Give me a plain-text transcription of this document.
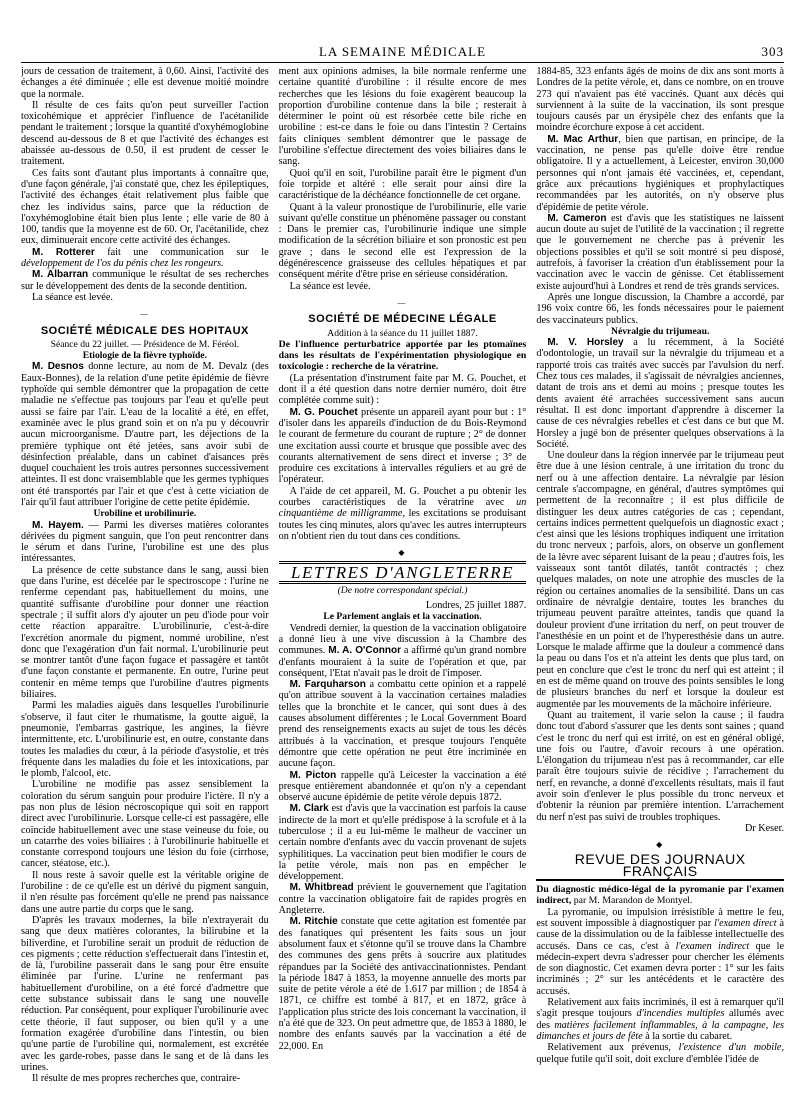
LA SEMAINE MÉDICALE	303

jours de cessation de traitement, à 0,60. Ainsi, l'activité des échanges a été diminuée ; elle est devenue moitié moindre que la normale.

Il résulte de ces faits qu'on peut surveiller l'action toxicohémique et apprécier l'influence de l'acétanilide pendant le traitement ; lorsque la quantité d'oxyhémoglobine descend au-dessous de 8 et que l'activité des échanges est abaissée au-dessous de 0.50, il est prudent de cesser le traitement.

Ces faits sont d'autant plus importants à connaître que, d'une façon générale, j'ai constaté que, chez les épileptiques, l'activité des échanges était relativement plus faible que chez les individus sains, parce que la réduction de l'oxyhémoglobine était bien plus lente ; elle varie de 80 à 100, tandis que la moyenne est de 60. Or, l'acétanilide, chez eux, diminuerait encore cette activité des échanges.

M. Rotterer fait une communication sur le développement de l'os du pénis chez les rongeurs.

M. Albarran communique le résultat de ses recherches sur le développement des dents de la seconde dentition.

La séance est levée.

—
SOCIÉTÉ MÉDICALE DES HOPITAUX

Séance du 22 juillet. — Présidence de M. Féréol.

Etiologie de la fièvre typhoïde.

M. Desnos donne lecture, au nom de M. Devalz (des Eaux-Bonnes), de la relation d'une petite épidémie de fièvre typhoïde qui semble démontrer que la propagation de cette maladie ne s'effectue pas toujours par l'eau et qu'elle peut aussi se faire par l'air. L'eau de la localité a été, en effet, examinée avec le plus grand soin et on n'a pu y découvrir aucun microorganisme. D'autre part, les déjections de la première typhique ont été jetées, sans avoir subi de désinfection préalable, dans un cabinet d'aisances près duquel couchaient les trois autres personnes successivement atteintes. Il est donc vraisemblable que les germes typhiques ont été transportés par l'air et que c'est à cette viciation de l'air qu'il faut attribuer l'origine de cette petite épidémie.

Urobiline et urobilinurie.

M. Hayem. — Parmi les diverses matières colorantes dérivées du pigment sanguin, que l'on peut rencontrer dans le sérum et dans l'urine, l'urobiline est une des plus intéressantes.

La présence de cette substance dans le sang, aussi bien que dans l'urine, est décelée par le spectroscope : l'urine ne renferme cependant pas, habituellement du moins, une quantité suffisante d'urobiline pour donner une réaction spectrale ; il suffit alors d'y ajouter un peu d'iode pour voir cette réaction apparaître. L'urobilinurie, c'est-à-dire l'excrétion anormale du pigment, nommé urobiline, n'est donc que l'exagération d'un fait normal. L'urobilinurie peut se montrer tantôt d'une façon fugace et passagère et tantôt d'une façon constante et permanente. En outre, l'urine peut contenir en même temps que l'urobiline d'autres pigments biliaires.

Parmi les maladies aiguës dans lesquelles l'urobilinurie s'observe, il faut citer le rhumatisme, la goutte aiguë, la pneumonie, l'embarras gastrique, les angines, la fièvre intermittente, etc. L'urobilinurie est, en outre, constante dans toutes les maladies du cœur, à la période d'asystolie, et très fréquente dans les maladies du foie et les intoxications, par le plomb, l'alcool, etc.

L'urobiline ne modifie pas assez sensiblement la coloration du sérum sanguin pour produire l'ictère. Il n'y a pas non plus de lésion nécroscopique qui soit en rapport direct avec l'urobilinurie. Lorsque celle-ci est passagère, elle coïncide habituellement avec une stase veineuse du foie, ou un catarrhe des voies biliaires : à l'urobilinurie habituelle et constante correspond toujours une lésion du foie (cirrhose, cancer, stéatose, etc.).

Il nous reste à savoir quelle est la véritable origine de l'urobiline : de ce qu'elle est un dérivé du pigment sanguin, il n'en résulte pas forcément qu'elle ne prend pas naissance dans une autre partie du corps que le sang.

D'après les travaux modernes, la bile n'extrayerait du sang que deux matières colorantes, la bilirubine et la biliverdine, et l'urobiline serait un produit de réduction de ces pigments ; cette réduction s'effectuerait dans l'intestin et, de là, l'urobiline passerait dans le sang pour être ensuite éliminée par l'urine. L'urine ne renfermant pas habituellement d'urobiline, on a été forcé d'admettre que cette substance subissait dans le sang une nouvelle réduction. Par conséquent, pour expliquer l'urobilinurie avec cette théorie, il faut supposer, ou bien qu'il y a une formation exagérée d'urobiline dans l'intestin, ou bien qu'une partie de l'urobiline qui, normalement, est excrétée avec les garde-robes, passe dans le sang et de là dans les urines.

Il résulte de mes propres recherches que, contraire-

ment aux opinions admises, la bile normale renferme une certaine quantité d'urobiline : il résulte encore de mes recherches que les lésions du foie exagèrent beaucoup la proportion d'urobiline contenue dans la bile ; resterait à déterminer le point où est résorbée cette bile riche en urobiline : est-ce dans le foie ou dans l'intestin ? Certains faits cliniques semblent démontrer que le passage de l'urobiline s'effectue directement des voies biliaires dans le sang.

Quoi qu'il en soit, l'urobiline paraît être le pigment d'un foie torpide et altéré : elle serait pour ainsi dire la caractéristique de la déchéance fonctionnelle de cet organe.

Quant à la valeur pronostique de l'urobilinurie, elle varie suivant qu'elle constitue un phénomène passager ou constant : Dans le premier cas, l'urobilinurie indique une simple modification de la sécrétion biliaire et son pronostic est peu grave ; dans le second elle est l'expression de la dégénérescence graisseuse des cellules hépatiques et par conséquent mérite d'être prise en sérieuse considération.

La séance est levée.

—
SOCIÉTÉ DE MÉDECINE LÉGALE

Addition à la séance du 11 juillet 1887.

De l'influence perturbatrice apportée par les ptomaïnes dans les résultats de l'expérimentation physiologique en toxicologie : recherche de la vératrine.

(La présentation d'instrument faite par M. G. Pouchet, et dont il a été question dans notre dernier numéro, doit être complétée comme suit) :

M. G. Pouchet présente un appareil ayant pour but : 1° d'isoler dans les appareils d'induction de du Bois-Reymond le courant de fermeture du courant de rupture ; 2° de donner une excitation aussi courte et brusque que possible avec des courants alternativement de sens direct et inverse ; 3° de produire ces excitations à intervalles réguliers et au gré de l'opérateur.

A l'aide de cet appareil, M. G. Pouchet a pu obtenir les courbes caractéristiques de la vératrine avec un cinquantième de milligramme, les excitations se produisant toutes les cinq minutes, alors qu'avec les autres interrupteurs on n'obtient rien du tout dans ces conditions.

◆
LETTRES D'ANGLETERRE
(De notre correspondant spécial.)

Londres, 25 juillet 1887.

Le Parlement anglais et la vaccination.

Vendredi dernier, la question de la vaccination obligatoire a donné lieu à une vive discussion à la Chambre des communes. M. A. O'Connor a affirmé qu'un grand nombre d'enfants mouraient à la suite de l'opération et que, par conséquent, l'Etat n'avait pas le droit de l'imposer.

M. Farquharson a combattu cette opinion et a rappelé qu'on attribue souvent à la vaccination certaines maladies telles que la bronchite et le cancer, qui sont dues à des causes absolument différentes ; le Local Government Board prend des renseignements exacts au sujet de tous les décès attribués à la vaccination, et presque toujours l'enquête démontre que cette opération ne peut être incriminée en aucune façon.

M. Picton rappelle qu'à Leicester la vaccination a été presque entièrement abandonnée et qu'on n'y a cependant observé aucune épidémie de petite vérole depuis 1872.

M. Clark est d'avis que la vaccination est parfois la cause indirecte de la mort et qu'elle prédispose à la scrofule et à la tuberculose ; il a eu lui-même le malheur de vacciner un certain nombre d'enfants avec du vaccin provenant de sujets syphilitiques. La vaccination peut bien modifier le cours de la petite vérole, mais non pas en empêcher le développement.

M. Whitbread prévient le gouvernement que l'agitation contre la vaccination obligatoire fait de rapides progrès en Angleterre.

M. Ritchie constate que cette agitation est fomentée par des fanatiques qui présentent les faits sous un jour absolument faux et s'étonne qu'il se trouve dans la Chambre des communes des gens prêts à soucrire aux platitudes répandues par la Société des antivaccinationnistes. Pendant la période 1847 à 1853, la moyenne annuelle des morts par suite de petite vérole a été de 1.617 par million ; de 1854 à 1871, ce chiffre est tombé à 817, et en 1872, grâce à l'application plus stricte des lois concernant la vaccination, il n'a été que de 323. On peut admettre que, de 1853 à 1880, le nombre des enfants sauvés par la vaccination a été de 22,000. En

1884-85, 323 enfants âgés de moins de dix ans sont morts à Londres de la petite vérole, et, dans ce nombre, on en trouve 273 qui n'avaient pas été vaccinés. Quant aux décès qui surviennent à la suite de la vaccination, ils sont presque toujours causés par un érysipèle chez des enfants que la moindre écorchure expose à cet accident.

M. Mac Arthur, bien que partisan, en principe, de la vaccination, ne pense pas qu'elle doive être rendue obligatoire. Il y a actuellement, à Leicester, environ 30,000 personnes qui n'ont jamais été vaccinées, et, cependant, grâce aux précautions hygiéniques et prophylactiques recommandées par les autorités, on n'y observe plus d'épidémie de petite vérole.

M. Cameron est d'avis que les statistiques ne laissent aucun doute au sujet de l'utilité de la vaccination ; il regrette que le gouvernement ne cherche pas à prévenir les objections possibles et qu'il se soit montré si peu disposé, autrefois, à favoriser la création d'un établissement pour la vaccination avec le vaccin de génisse. Cet établissement existe aujourd'hui à Londres et rend de très grands services.

Après une longue discussion, la Chambre a accordé, par 196 voix contre 66, les fonds nécessaires pour le paiement des vaccinateurs publics.

Névralgie du trijumeau.

M. V. Horsley a lu récemment, à la Société d'odontologie, un travail sur la névralgie du trijumeau et a rapporté trois cas traités avec succès par l'avulsion du nerf. Chez tous ces malades, il s'agissait de névralgies anciennes, datant de trois ans et demi au moins ; presque toutes les dents avaient été arrachées successivement sans aucun résultat. Il est donc important d'apprendre à discerner la cause de ces névralgies rebelles et c'est dans ce but que M. Horsley a jugé bon de présenter quelques observations à la Société.

Une douleur dans la région innervée par le trijumeau peut être due à une lésion centrale, à une irritation du tronc du nerf ou à une affection dentaire. La névralgie par lésion centrale s'accompagne, en général, d'autres symptômes qui permettent de la reconnaître ; il est plus difficile de distinguer les deux autres catégories de cas ; cependant, certains indices permettent quelquefois un diagnostic exact ; c'est ainsi que les lésions trophiques indiquent une irritation du tronc nerveux ; parfois, alors, on observe un gonflement de la lèvre avec séparent luisant de la peau ; d'autres fois, les vaisseaux sont tantôt dilatés, tantôt contractés ; chez quelques malades, on note une atrophie des muscles de la région ou certaines anomalies de la sensibilité. Dans un cas ordinaire de névralgie dentaire, toutes les branches du trijumeau peuvent paraître atteintes, tandis que quand la douleur provient d'une irritation du nerf, on peut trouver de l'anesthésie en un point et de l'hyperesthésie dans un autre. Lorsque le malade affirme que la douleur a commencé dans la peau ou dans l'os et n'a atteint les dents que plus tard, on peut en conclure que c'est le tronc du nerf qui est atteint ; il en est de même quand on trouve des points sensibles le long de plusieurs branches du nerf et lorsque la douleur est augmentée par les mouvements de la mâchoire inférieure.

Quant au traitement, il varie selon la cause ; il faudra donc tout d'abord s'assurer que les dents sont saines ; quand c'est le tronc du nerf qui est irrité, on est en général obligé, une fois ou l'autre, d'avoir recours à une opération. L'élongation du trijumeau n'est pas à recommander, car elle paraît être toujours suivie de récidive ; l'arrachement du nerf, en revanche, a donné d'excellents résultats, mais il faut avoir soin d'enlever le plus possible du tronc nerveux et d'obtenir la réunion par première intention. L'arrachement du nerf n'est pas suivi de troubles trophiques.

Dr Keser.

◆
REVUE DES JOURNAUX FRANÇAIS

Du diagnostic médico-légal de la pyromanie par l'examen indirect, par M. Marandon de Montyel.

La pyromanie, ou impulsion irrésistible à mettre le feu, est souvent impossible à diagnostiquer par l'examen direct à cause de la dissimulation ou de la faiblesse intellectuelle des accusés. Dans ce cas, c'est à l'examen indirect que le médecin-expert devra s'adresser pour chercher les éléments de son diagnostic. Cet examen devra porter : 1° sur les faits incriminés ; 2° sur les antécédents et le caractère des accusés.

Relativement aux faits incriminés, il est à remarquer qu'il s'agit presque toujours d'incendies multiples allumés avec des matières facilement inflammables, à la campagne, les dimanches et jours de fête à la sortie du cabaret.

Relativement aux prévenus, l'existence d'un mobile, quelque futile qu'il soit, doit exclure d'emblée l'idée de
